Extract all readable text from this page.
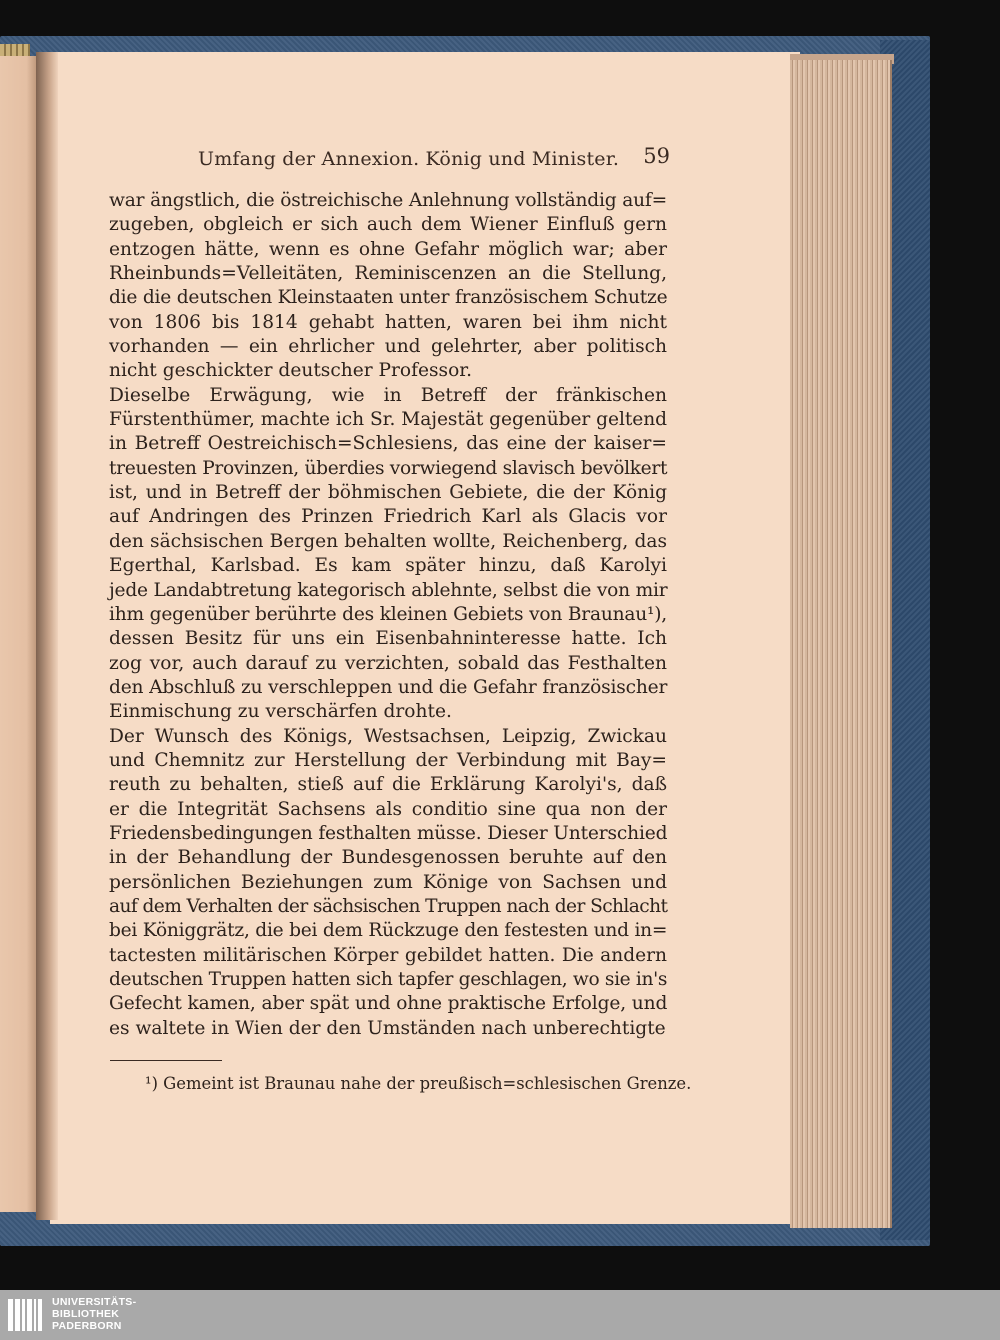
Umfang der Annexion. König und Minister. 59
war ängstlich, die östreichische Anlehnung vollständig auf=
zugeben, obgleich er sich auch dem Wiener Einfluß gern
entzogen hätte, wenn es ohne Gefahr möglich war; aber
Rheinbunds=Velleitäten, Reminiscenzen an die Stellung,
die die deutschen Kleinstaaten unter französischem Schutze
von 1806 bis 1814 gehabt hatten, waren bei ihm nicht
vorhanden — ein ehrlicher und gelehrter, aber politisch
nicht geschickter deutscher Professor.
Dieselbe Erwägung, wie in Betreff der fränkischen
Fürstenthümer, machte ich Sr. Majestät gegenüber geltend
in Betreff Oestreichisch=Schlesiens, das eine der kaiser=
treuesten Provinzen, überdies vorwiegend slavisch bevölkert
ist, und in Betreff der böhmischen Gebiete, die der König
auf Andringen des Prinzen Friedrich Karl als Glacis vor
den sächsischen Bergen behalten wollte, Reichenberg, das
Egerthal, Karlsbad. Es kam später hinzu, daß Karolyi
jede Landabtretung kategorisch ablehnte, selbst die von mir
ihm gegenüber berührte des kleinen Gebiets von Braunau¹),
dessen Besitz für uns ein Eisenbahninteresse hatte. Ich
zog vor, auch darauf zu verzichten, sobald das Festhalten
den Abschluß zu verschleppen und die Gefahr französischer
Einmischung zu verschärfen drohte.
Der Wunsch des Königs, Westsachsen, Leipzig, Zwickau
und Chemnitz zur Herstellung der Verbindung mit Bay=
reuth zu behalten, stieß auf die Erklärung Karolyi's, daß
er die Integrität Sachsens als conditio sine qua non der
Friedensbedingungen festhalten müsse. Dieser Unterschied
in der Behandlung der Bundesgenossen beruhte auf den
persönlichen Beziehungen zum Könige von Sachsen und
auf dem Verhalten der sächsischen Truppen nach der Schlacht
bei Königgrätz, die bei dem Rückzuge den festesten und in=
tactesten militärischen Körper gebildet hatten. Die andern
deutschen Truppen hatten sich tapfer geschlagen, wo sie in's
Gefecht kamen, aber spät und ohne praktische Erfolge, und
es waltete in Wien der den Umständen nach unberechtigte
¹) Gemeint ist Braunau nahe der preußisch=schlesischen Grenze.
UNIVERSITÄTS-
BIBLIOTHEK
PADERBORN
